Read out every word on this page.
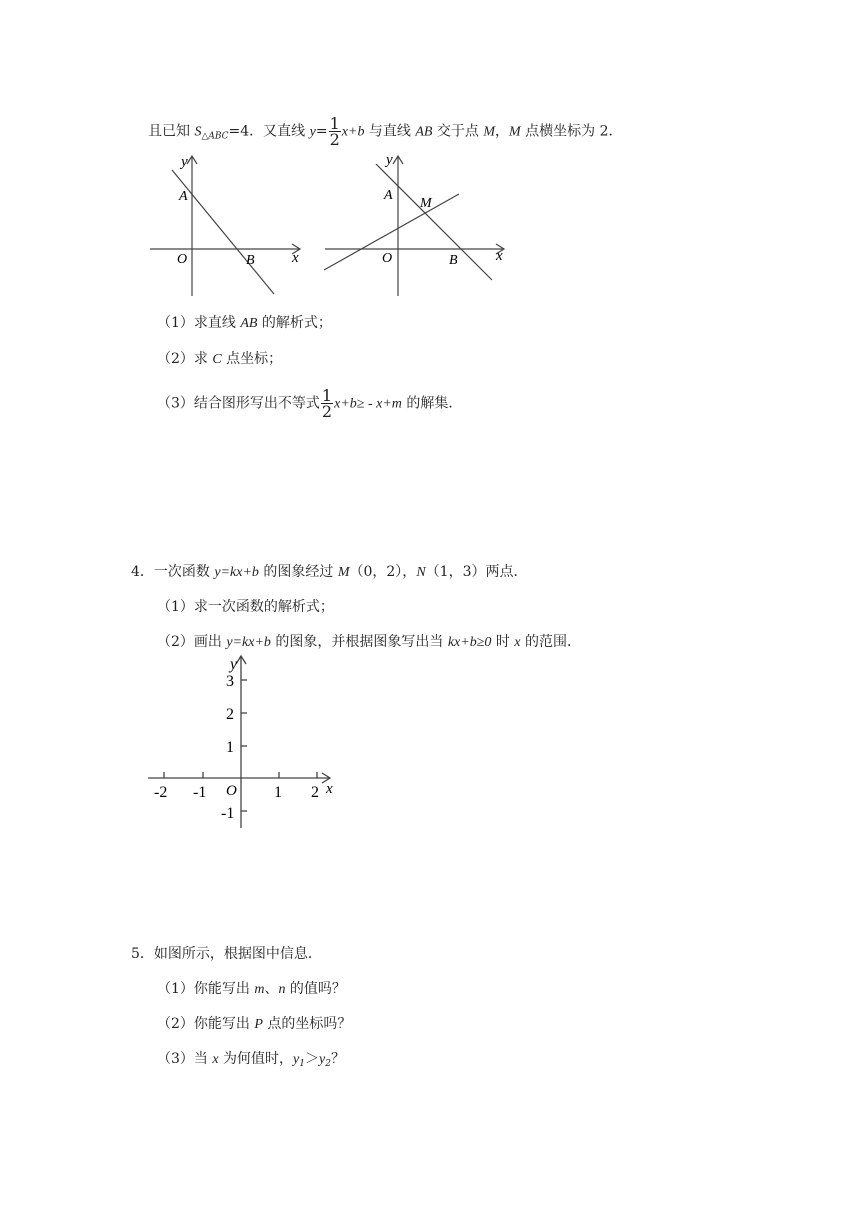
且已知 $S_{\triangle ABC}=4$．又直线 $y= \frac{1}{2} x+b$ 与直线 AB 交于点 M，M 点横坐标为 2．
y
A
O	B x
y
A
M
O	B	x
（1）求直线 AB 的解析式；
（2）求 C 点坐标；
（3）结合图形写出不等式 $\frac{1}{2} x+b\ge - x+m$ 的解集．
4．一次函数 y=kx+b 的图象经过 M（0，2），N（1，3）两点．
（1）求一次函数的解析式；
（2）画出 y=kx+b 的图象，并根据图象写出当 kx+b≥0 时 x 的范围．
y
x
O
3
2
1
-1
-2 -1	1 2
5．如图所示，根据图中信息．
（1）你能写出 m、n 的值吗？
（2）你能写出 P 点的坐标吗？
（3）当 x 为何值时，$y_1>y_2$？
